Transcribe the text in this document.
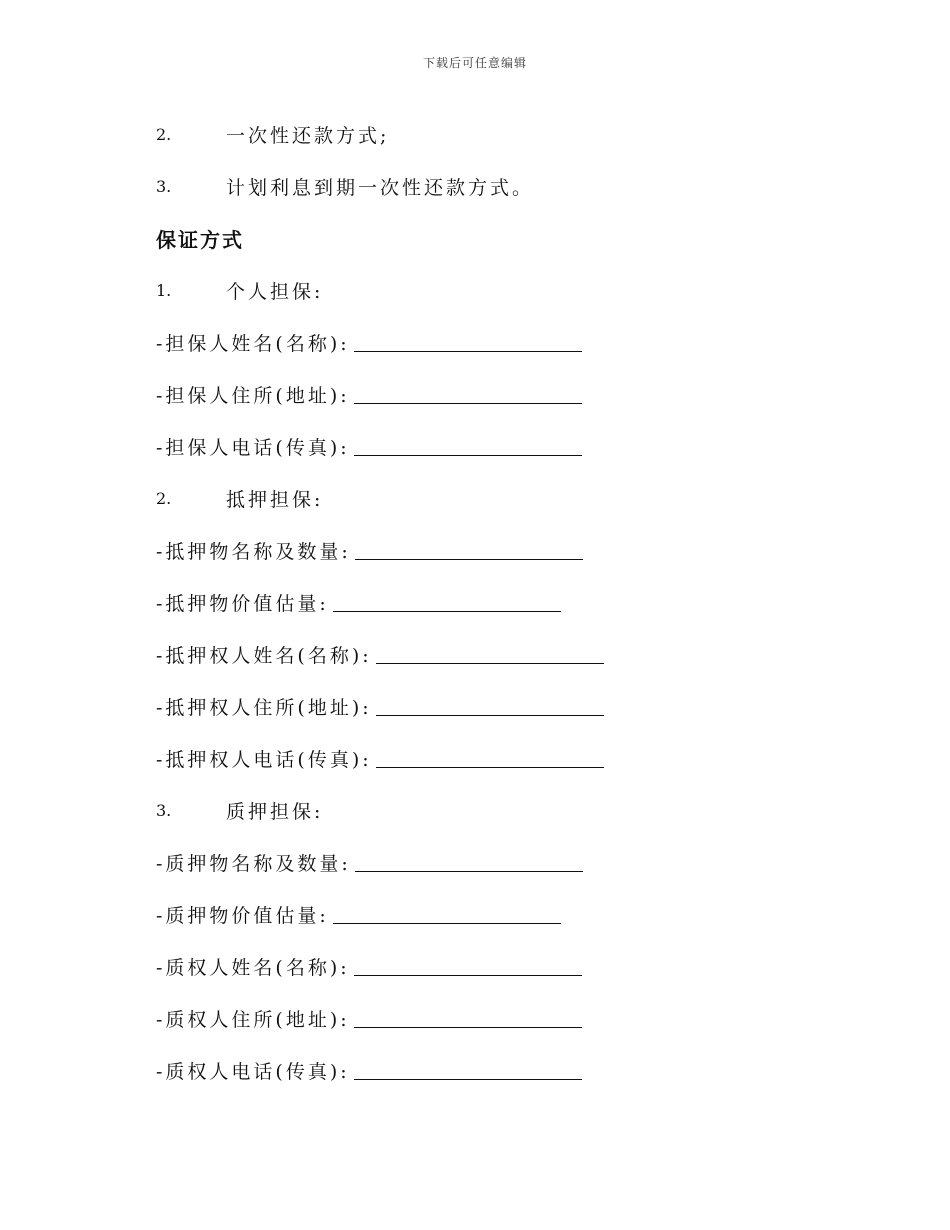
下载后可任意编辑
2.	一次性还款方式;
3.	计划利息到期一次性还款方式。
保证方式
1.	个人担保:
-担保人姓名(名称):
-担保人住所(地址):
-担保人电话(传真):
2.	抵押担保:
-抵押物名称及数量:
-抵押物价值估量:
-抵押权人姓名(名称):
-抵押权人住所(地址):
-抵押权人电话(传真):
3.	质押担保:
-质押物名称及数量:
-质押物价值估量:
-质权人姓名(名称):
-质权人住所(地址):
-质权人电话(传真):
